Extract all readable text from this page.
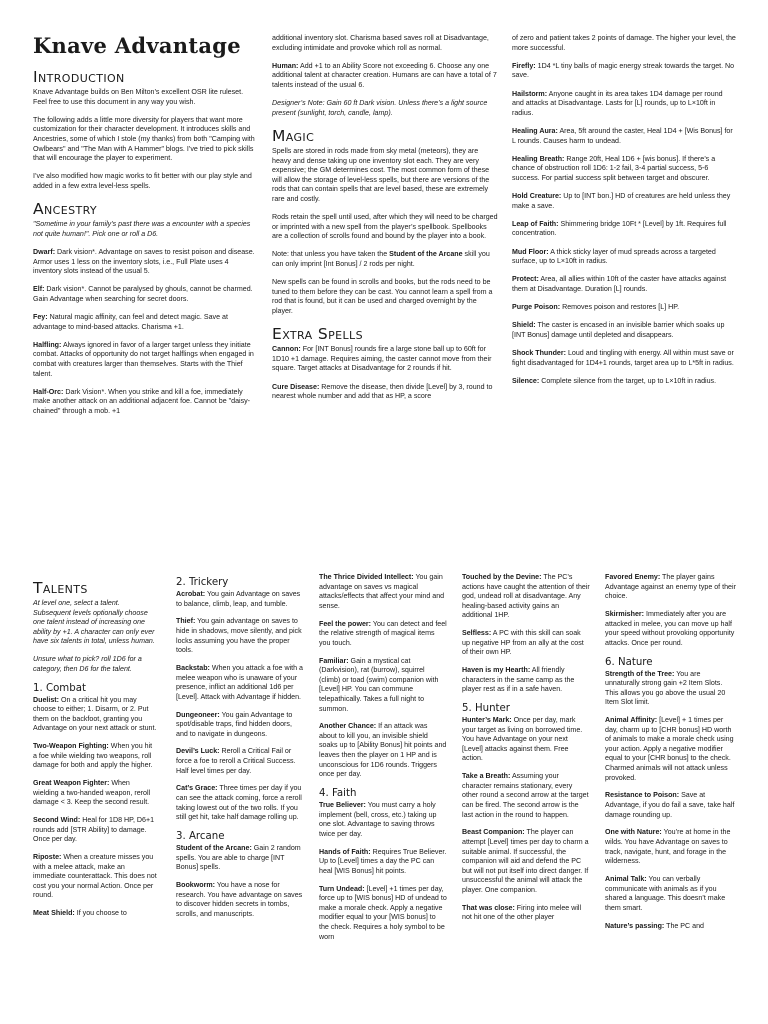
Knave Advantage
Introduction

Knave Advantage builds on Ben Milton’s excellent OSR lite ruleset. Feel free to use this document in any way you wish.

The following adds a little more diversity for players that want more customization for their character development. It introduces skills and Ancestries, some of which I stole (my thanks) from both "Camping with Owlbears" and "The Man with A Hammer" blogs. I’ve tried to pick skills that will encourage the player to experiment.

I’ve also modified how magic works to fit better with our play style and added in a few extra level-less spells.

Ancestry

"Sometime in your family’s past there was a encounter with a species not quite human!". Pick one or roll a D6.

Dwarf: Dark vision*. Advantage on saves to resist poison and disease. Armor uses 1 less on the inventory slots, i.e., Full Plate uses 4 inventory slots instead of the usual 5.

Elf: Dark vision*. Cannot be paralysed by ghouls, cannot be charmed. Gain Advantage when searching for secret doors.

Fey: Natural magic affinity, can feel and detect magic. Save at advantage to mind-based attacks. Charisma +1.

Halfling: Always ignored in favor of a larger target unless they initiate combat. Attacks of opportunity do not target halflings when engaged in combat with creatures larger than themselves. Starts with the Thief talent.

Half-Orc: Dark Vision*. When you strike and kill a foe, immediately make another attack on an additional adjacent foe. Cannot be "daisy-chained" through a mob. +1

additional inventory slot. Charisma based saves roll at Disadvantage, excluding intimidate and provoke which roll as normal.

Human: Add +1 to an Ability Score not exceeding 6. Choose any one additional talent at character creation. Humans are can have a total of 7 talents instead of the usual 6.

Designer’s Note: Gain 60 ft Dark vision. Unless there’s a light source present (sunlight, torch, candle, lamp).

Magic

Spells are stored in rods made from sky metal (meteors), they are heavy and dense taking up one inventory slot each. They are very expensive; the GM determines cost. The most common form of these will allow the storage of level-less spells, but there are versions of the rods that can contain spells that are level based, these are extremely rare and costly.

Rods retain the spell until used, after which they will need to be charged or imprinted with a new spell from the player’s spellbook. Spellbooks are a collection of scrolls found and bound by the player into a book.

Note: that unless you have taken the Student of the Arcane skill you can only imprint [Int Bonus] / 2 rods per night.

New spells can be found in scrolls and books, but the rods need to be tuned to them before they can be cast. You cannot learn a spell from a rod that is found, but it can be used and charged overnight by the player.

Extra Spells

Cannon: For [INT Bonus] rounds fire a large stone ball up to 60ft for 1D10 +1 damage. Requires aiming, the caster cannot move from their square. Target attacks at Disadvantage for 2 rounds if hit.

Cure Disease: Remove the disease, then divide [Level] by 3, round to nearest whole number and add that as HP, a score

of zero and patient takes 2 points of damage. The higher your level, the more successful.

Firefly: 1D4 *L tiny balls of magic energy streak towards the target. No save.

Hailstorm: Anyone caught in its area takes 1D4 damage per round and attacks at Disadvantage. Lasts for [L] rounds, up to L×10ft in radius.

Healing Aura: Area, 5ft around the caster, Heal 1D4 + [Wis Bonus] for L rounds. Causes harm to undead.

Healing Breath: Range 20ft, Heal 1D6 + [wis bonus]. If there’s a chance of obstruction roll 1D6: 1-2 fail, 3-4 partial success, 5-6 success. For partial success split between target and obscurer.

Hold Creature: Up to [INT bon.] HD of creatures are held unless they make a save.

Leap of Faith: Shimmering bridge 10Ft * [Level] by 1ft. Requires full concentration.

Mud Floor: A thick sticky layer of mud spreads across a targeted surface, up to L×10ft in radius.

Protect: Area, all allies within 10ft of the caster have attacks against them at Disadvantage. Duration [L] rounds.

Purge Poison: Removes poison and restores [L] HP.

Shield: The caster is encased in an invisible barrier which soaks up [INT Bonus] damage until depleted and disappears.

Shock Thunder: Loud and tingling with energy. All within must save or fight disadvantaged for 1D4+1 rounds, target area up to L*5ft in radius.

Silence: Complete silence from the target, up to L×10ft in radius.

Talents

At level one, select a talent. Subsequent levels optionally choose one talent instead of increasing one ability by +1. A character can only ever have six talents in total, unless human.

Unsure what to pick? roll 1D6 for a category, then D6 for the talent.

1. Combat

Duelist: On a critical hit you may choose to either; 1. Disarm, or 2. Put them on the backfoot, granting you Advantage on your next attack or stunt.

Two-Weapon Fighting: When you hit a foe while wielding two weapons, roll damage for both and apply the higher.

Great Weapon Fighter: When wielding a two-handed weapon, reroll damage < 3. Keep the second result.

Second Wind: Heal for 1D8 HP, D6+1 rounds add [STR Ability] to damage. Once per day.

Riposte: When a creature misses you with a melee attack, make an immediate counterattack. This does not cost you your normal Action. Once per round.

Meat Shield: If you choose to

2. Trickery

Acrobat: You gain Advantage on saves to balance, climb, leap, and tumble.

Thief: You gain advantage on saves to hide in shadows, move silently, and pick locks assuming you have the proper tools.

Backstab: When you attack a foe with a melee weapon who is unaware of your presence, inflict an additional 1d6 per [Level]. Attack with Advantage if hidden.

Dungeoneer: You gain Advantage to spot/disable traps, find hidden doors, and to navigate in dungeons.

Devil’s Luck: Reroll a Critical Fail or force a foe to reroll a Critical Success. Half level times per day.

Cat’s Grace: Three times per day if you can see the attack coming, force a reroll taking lowest out of the two rolls. If you still get hit, take half damage rolling up.

3. Arcane

Student of the Arcane: Gain 2 random spells. You are able to charge [INT Bonus] spells.

Bookworm: You have a nose for research. You have advantage on saves to discover hidden secrets in tombs, scrolls, and manuscripts.

The Thrice Divided Intellect: You gain advantage on saves vs magical attacks/effects that affect your mind and sense.

Feel the power: You can detect and feel the relative strength of magical items you touch.

Familiar: Gain a mystical cat (Darkvision), rat (burrow), squirrel (climb) or toad (swim) companion with [Level] HP. You can commune telepathically. Takes a full night to summon.

Another Chance: If an attack was about to kill you, an invisible shield soaks up to [Ability Bonus] hit points and leaves then the player on 1 HP and is unconscious for 1D6 rounds. Triggers once per day.

4. Faith

True Believer: You must carry a holy implement (bell, cross, etc.) taking up one slot. Advantage to saving throws twice per day.

Hands of Faith: Requires True Believer. Up to [Level] times a day the PC can heal [WIS Bonus] hit points.

Turn Undead: [Level] +1 times per day, force up to [WIS bonus] HD of undead to make a morale check. Apply a negative modifier equal to your [WIS bonus] to the check. Requires a holy symbol to be worn

Touched by the Devine: The PC’s actions have caught the attention of their god, undead roll at disadvantage. Any healing-based activity gains an additional 1HP.

Selfless: A PC with this skill can soak up negative HP from an ally at the cost of their own HP.

Haven is my Hearth: All friendly characters in the same camp as the player rest as if in a safe haven.

5. Hunter

Hunter’s Mark: Once per day, mark your target as living on borrowed time. You have Advantage on your next [Level] attacks against them. Free action.

Take a Breath: Assuming your character remains stationary, every other round a second arrow at the target can be fired. The second arrow is the last action in the round to happen.

Beast Companion: The player can attempt [Level] times per day to charm a suitable animal. If successful, the companion will aid and defend the PC but will not put itself into direct danger. If unsuccessful the animal will attack the player. One companion.

That was close: Firing into melee will not hit one of the other player

Favored Enemy: The player gains Advantage against an enemy type of their choice.

Skirmisher: Immediately after you are attacked in melee, you can move up half your speed without provoking opportunity attacks. Once per round.

6. Nature

Strength of the Tree: You are unnaturally strong gain +2 Item Slots. This allows you go above the usual 20 Item Slot limit.

Animal Affinity: [Level] + 1 times per day, charm up to [CHR bonus] HD worth of animals to make a morale check using your action. Apply a negative modifier equal to your [CHR bonus] to the check. Charmed animals will not attack unless provoked.

Resistance to Poison: Save at Advantage, if you do fail a save, take half damage rounding up.

One with Nature: You’re at home in the wilds. You have Advantage on saves to track, navigate, hunt, and forage in the wilderness.

Animal Talk: You can verbally communicate with animals as if you shared a language. This doesn’t make them smart.

Nature’s passing: The PC and
